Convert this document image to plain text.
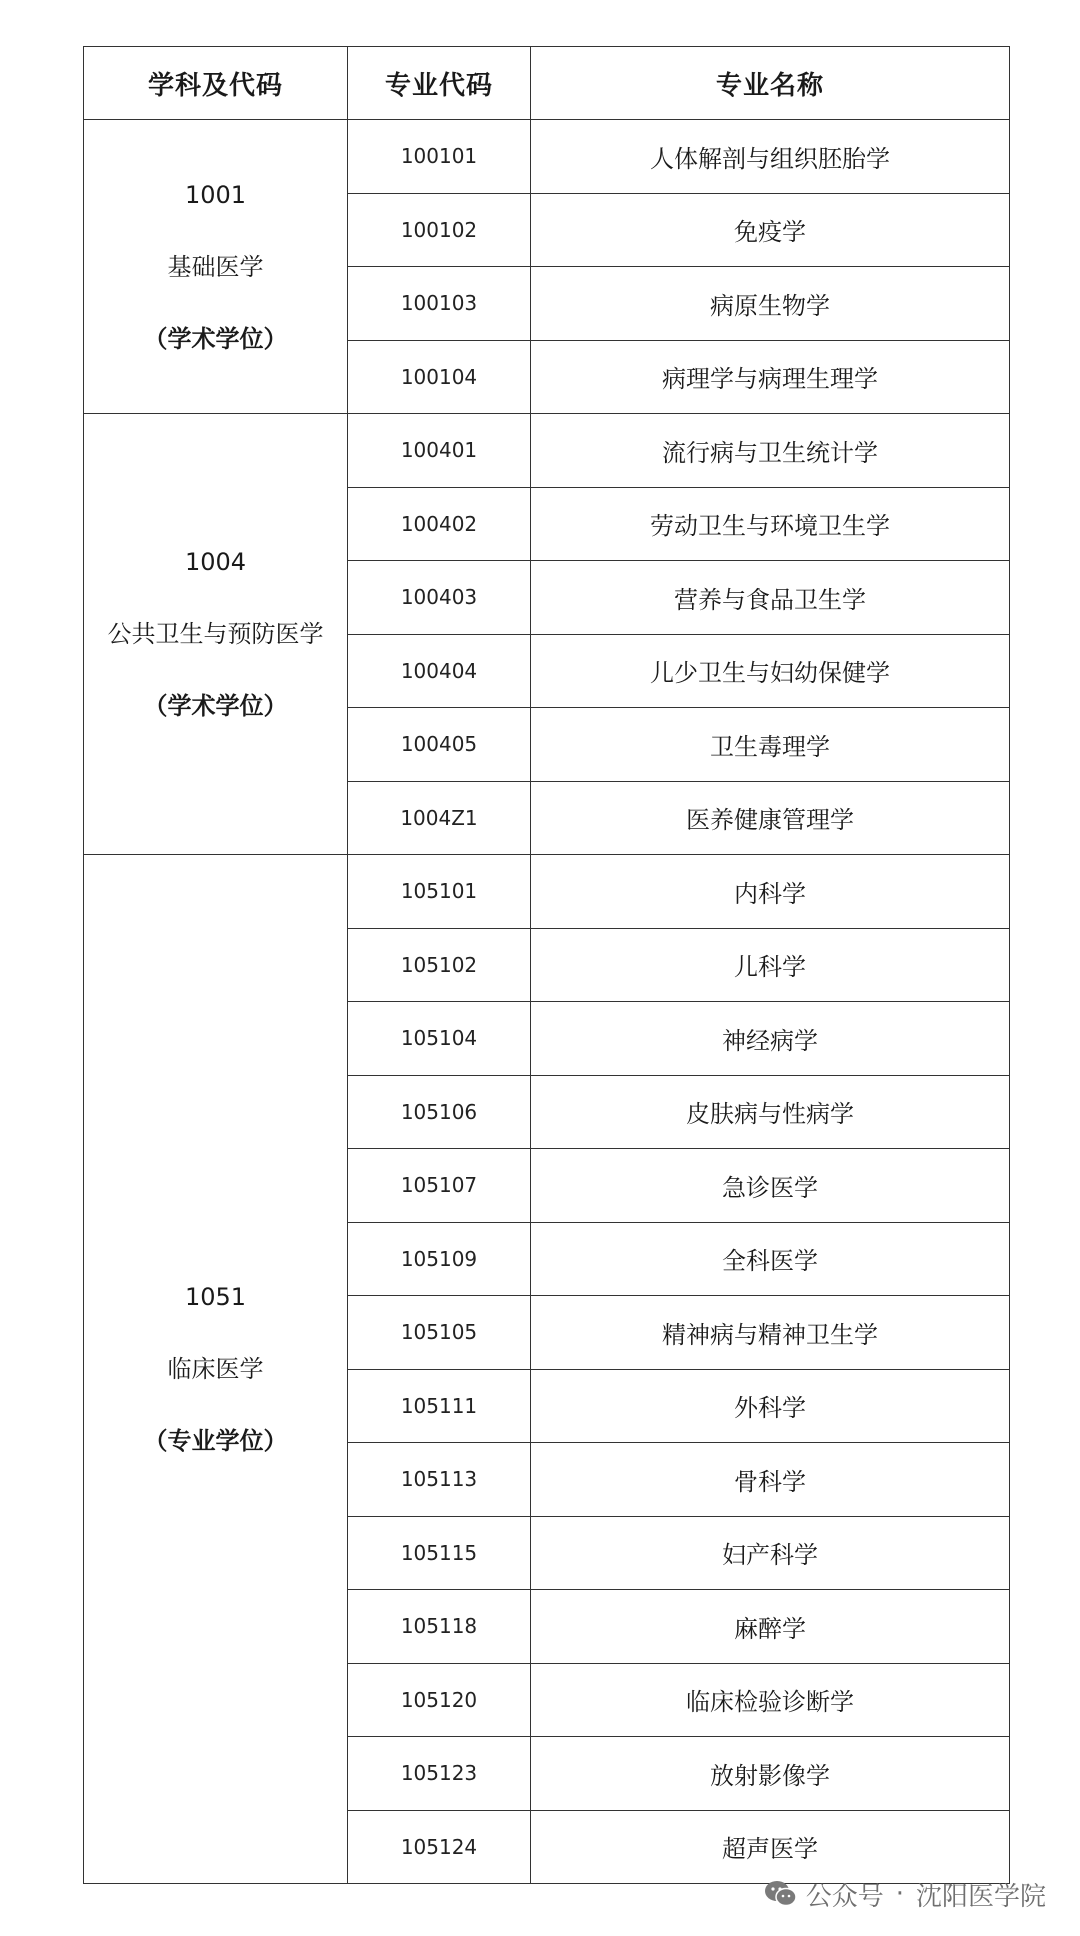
学科及代码	专业代码	专业名称

1001
基础医学
（学术学位）	100101	人体解剖与组织胚胎学
	100102	免疫学
	100103	病原生物学
	100104	病理学与病理生理学

1004
公共卫生与预防医学
（学术学位）	100401	流行病与卫生统计学
	100402	劳动卫生与环境卫生学
	100403	营养与食品卫生学
	100404	儿少卫生与妇幼保健学
	100405	卫生毒理学
	1004Z1	医养健康管理学

1051
临床医学
（专业学位）	105101	内科学
	105102	儿科学
	105104	神经病学
	105106	皮肤病与性病学
	105107	急诊医学
	105109	全科医学
	105105	精神病与精神卫生学
	105111	外科学
	105113	骨科学
	105115	妇产科学
	105118	麻醉学
	105120	临床检验诊断学
	105123	放射影像学
	105124	超声医学
公众号 · 沈阳医学院
